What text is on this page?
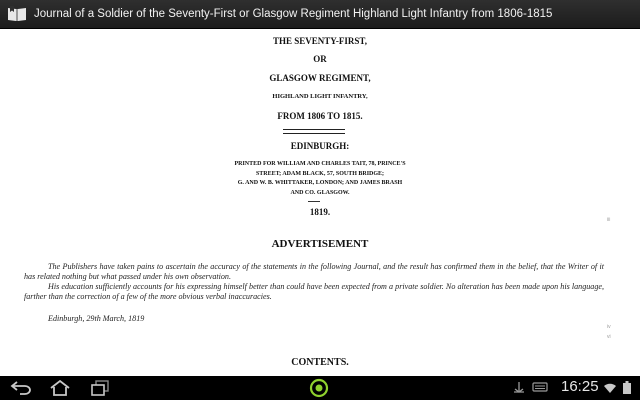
Journal of a Soldier of the Seventy-First or Glasgow Regiment Highland Light Infantry from 1806-1815
THE SEVENTY-FIRST,
OR
GLASGOW REGIMENT,
HIGHLAND LIGHT INFANTRY,
FROM 1806 TO 1815.
EDINBURGH:
PRINTED FOR WILLIAM AND CHARLES TAIT, 78, PRINCE'S
STREET; ADAM BLACK, 57, SOUTH BRIDGE;
G. AND W. B. WHITTAKER, LONDON; AND JAMES BRASH
AND CO. GLASGOW.
1819.
iii
ADVERTISEMENT
The Publishers have taken pains to ascertain the accuracy of the statements in the following Journal, and the result has confirmed them in the belief, that the Writer of it has related nothing but what passed under his own observation.
His education sufficiently accounts for his expressing himself better than could have been expected from a private soldier. No alteration has been made upon his language, farther than the correction of a few of the more obvious verbal inaccuracies.
Edinburgh, 29th March, 1819
iv
vi
CONTENTS.
16:25
